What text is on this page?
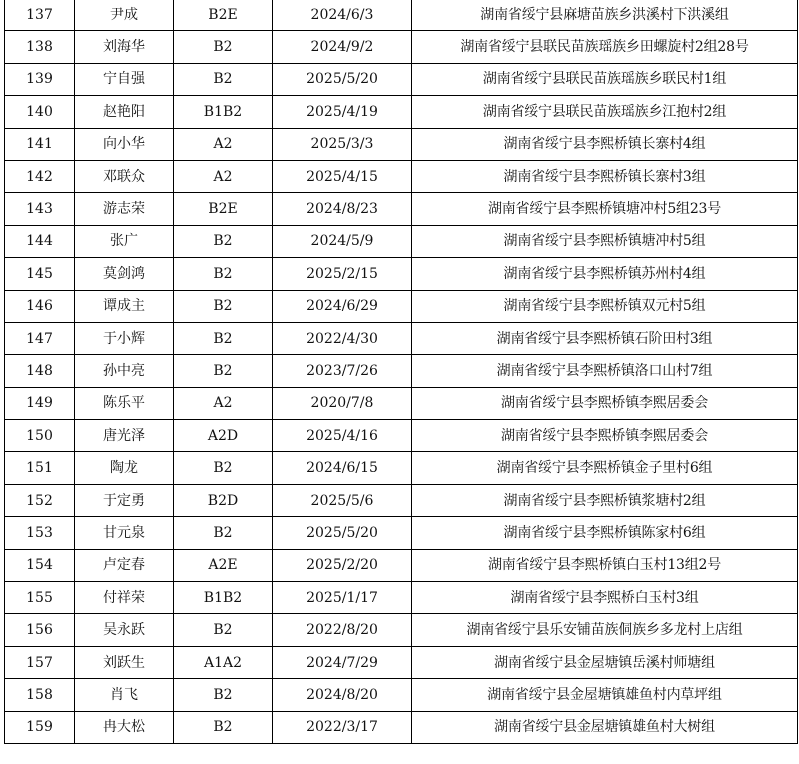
137	尹成	B2E	2024/6/3	湖南省绥宁县麻塘苗族乡洪溪村下洪溪组
138	刘海华	B2	2024/9/2	湖南省绥宁县联民苗族瑶族乡田螺旋村2组28号
139	宁自强	B2	2025/5/20	湖南省绥宁县联民苗族瑶族乡联民村1组
140	赵艳阳	B1B2	2025/4/19	湖南省绥宁县联民苗族瑶族乡江抱村2组
141	向小华	A2	2025/3/3	湖南省绥宁县李熙桥镇长寨村4组
142	邓联众	A2	2025/4/15	湖南省绥宁县李熙桥镇长寨村3组
143	游志荣	B2E	2024/8/23	湖南省绥宁县李熙桥镇塘冲村5组23号
144	张广	B2	2024/5/9	湖南省绥宁县李熙桥镇塘冲村5组
145	莫剑鸿	B2	2025/2/15	湖南省绥宁县李熙桥镇苏州村4组
146	谭成主	B2	2024/6/29	湖南省绥宁县李熙桥镇双元村5组
147	于小辉	B2	2022/4/30	湖南省绥宁县李熙桥镇石阶田村3组
148	孙中亮	B2	2023/7/26	湖南省绥宁县李熙桥镇洛口山村7组
149	陈乐平	A2	2020/7/8	湖南省绥宁县李熙桥镇李熙居委会
150	唐光泽	A2D	2025/4/16	湖南省绥宁县李熙桥镇李熙居委会
151	陶龙	B2	2024/6/15	湖南省绥宁县李熙桥镇金子里村6组
152	于定勇	B2D	2025/5/6	湖南省绥宁县李熙桥镇浆塘村2组
153	甘元泉	B2	2025/5/20	湖南省绥宁县李熙桥镇陈家村6组
154	卢定春	A2E	2025/2/20	湖南省绥宁县李熙桥镇白玉村13组2号
155	付祥荣	B1B2	2025/1/17	湖南省绥宁县李熙桥白玉村3组
156	吴永跃	B2	2022/8/20	湖南省绥宁县乐安铺苗族侗族乡多龙村上店组
157	刘跃生	A1A2	2024/7/29	湖南省绥宁县金屋塘镇岳溪村师塘组
158	肖飞	B2	2024/8/20	湖南省绥宁县金屋塘镇雄鱼村内草坪组
159	冉大松	B2	2022/3/17	湖南省绥宁县金屋塘镇雄鱼村大树组
